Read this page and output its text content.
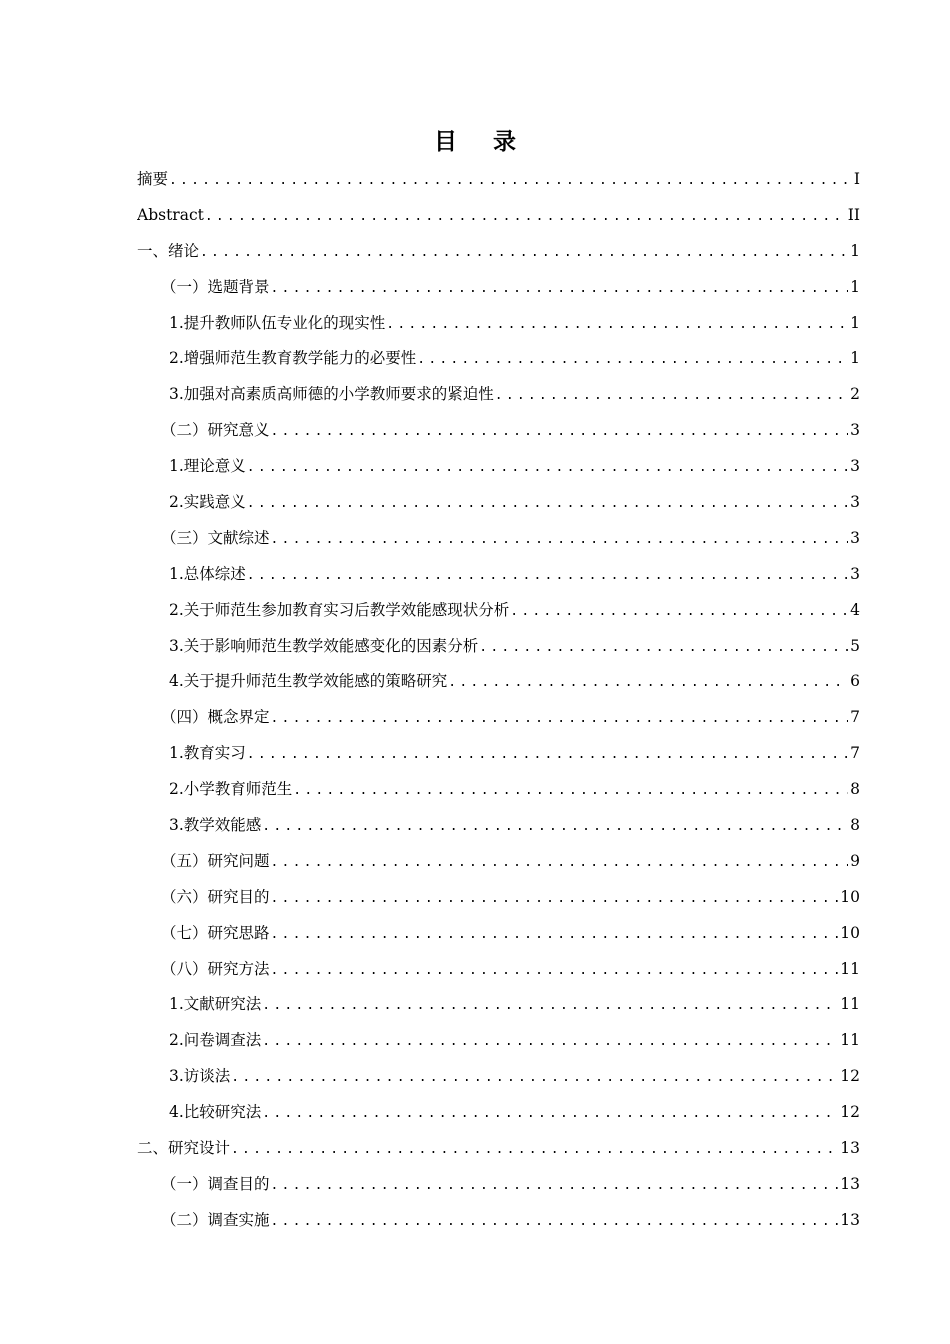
目 录
摘要 .....	I
Abstract .....	II
一、绪论 .....	1
（一）选题背景 .....	1
1.提升教师队伍专业化的现实性 .....	1
2.增强师范生教育教学能力的必要性 .....	1
3.加强对高素质高师德的小学教师要求的紧迫性 .....	2
（二）研究意义 .....	3
1.理论意义 .....	3
2.实践意义 .....	3
（三）文献综述 .....	3
1.总体综述 .....	3
2.关于师范生参加教育实习后教学效能感现状分析 .....	4
3.关于影响师范生教学效能感变化的因素分析 .....	5
4.关于提升师范生教学效能感的策略研究 .....	6
（四）概念界定 .....	7
1.教育实习 .....	7
2.小学教育师范生 .....	8
3.教学效能感 .....	8
（五）研究问题 .....	9
（六）研究目的 .....	10
（七）研究思路 .....	10
（八）研究方法 .....	11
1.文献研究法 .....	11
2.问卷调查法 .....	11
3.访谈法 .....	12
4.比较研究法 .....	12
二、研究设计 .....	13
（一）调查目的 .....	13
（二）调查实施 .....	13
